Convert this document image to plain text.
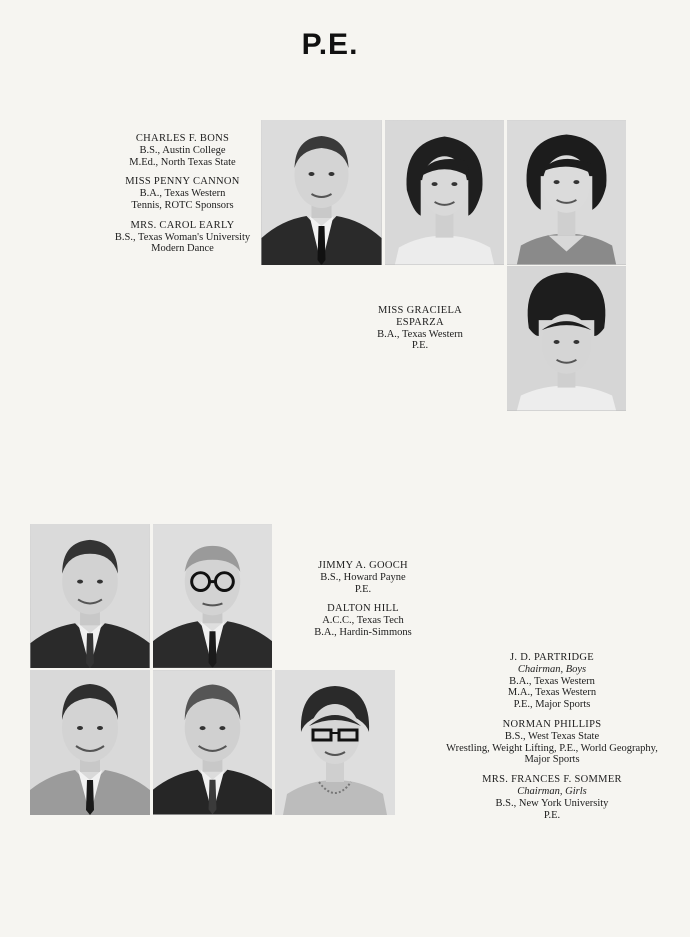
P.E.
CHARLES F. BONS
B.S., Austin College
M.Ed., North Texas State
MISS PENNY CANNON
B.A., Texas Western
Tennis, ROTC Sponsors
MRS. CAROL EARLY
B.S., Texas Woman's University
Modern Dance
MISS GRACIELA
ESPARZA
B.A., Texas Western
P.E.
JIMMY A. GOOCH
B.S., Howard Payne
P.E.
DALTON HILL
A.C.C., Texas Tech
B.A., Hardin-Simmons
J. D. PARTRIDGE
Chairman, Boys
B.A., Texas Western
M.A., Texas Western
P.E., Major Sports
NORMAN PHILLIPS
B.S., West Texas State
Wrestling, Weight Lifting, P.E., World Geography,
Major Sports
MRS. FRANCES F. SOMMER
Chairman, Girls
B.S., New York University
P.E.
